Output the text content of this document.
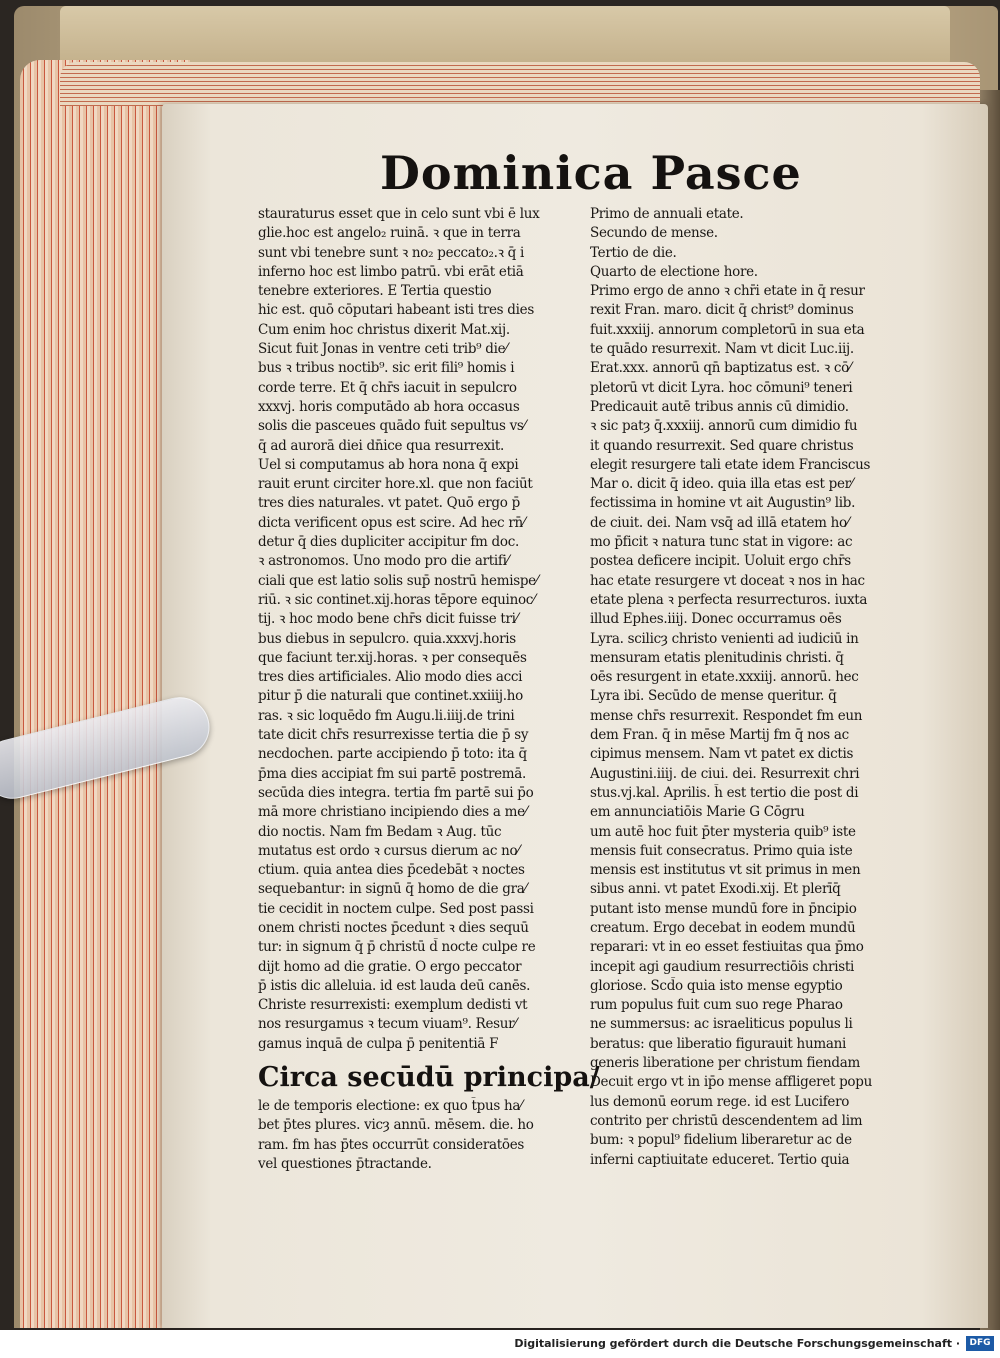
Dominica Pasce
stauraturus esset que in celo sunt vbi ē lux
glie.hoc est angelo₂ ruinā. ꝛ que in terra
sunt vbi tenebre sunt ꝛ no₂ peccato₂.ꝛ q̄ i
inferno hoc est limbo patrū. vbi erāt etiā
tenebre exteriores. E Tertia questio
hic est. quō cōputari habeant isti tres dies
Cum enim hoc christus dixerit Mat.xij.
Sicut fuit Jonas in ventre ceti trib⁹ die⁄
bus ꝛ tribus noctib⁹. sic erit fili⁹ homis i
corde terre. Et q̄ chr̄s iacuit in sepulcro
xxxvj. horis computādo ab hora occasus
solis die pasceues quādo fuit sepultus vs⁄
q̄ ad aurorā diei dn̄ice qua resurrexit.
Uel si computamus ab hora nona q̄ expi
rauit erunt circiter hore.xl. que non faciūt
tres dies naturales. vt patet. Quō ergo p̄
dicta verificent opus est scire. Ad hec rn̄⁄
detur q̄ dies dupliciter accipitur fm doc.
ꝛ astronomos. Uno modo pro die artifi⁄
ciali que est latio solis sup̄ nostrū hemispe⁄
riū. ꝛ sic continet.xij.horas tēpore equinoc⁄
tij. ꝛ hoc modo bene chr̄s dicit fuisse tri⁄
bus diebus in sepulcro. quia.xxxvj.horis
que faciunt ter.xij.horas. ꝛ per consequēs
tres dies artificiales. Alio modo dies acci
pitur p̄ die naturali que continet.xxiiij.ho
ras. ꝛ sic loquēdo fm Augu.li.iiij.de trini
tate dicit chr̄s resurrexisse tertia die p̄ sy
necdochen. parte accipiendo p̄ toto: ita q̄
p̄ma dies accipiat fm sui partē postremā.
secūda dies integra. tertia fm partē sui p̄o
mā more christiano incipiendo dies a me⁄
dio noctis. Nam fm Bedam ꝛ Aug. tūc
mutatus est ordo ꝛ cursus dierum ac no⁄
ctium. quia antea dies p̄cedebāt ꝛ noctes
sequebantur: in signū q̄ homo de die gra⁄
tie cecidit in noctem culpe. Sed post passi
onem christi noctes p̄cedunt ꝛ dies sequū
tur: in signum q̄ p̄ christū d̄ nocte culpe re
dijt homo ad die gratie. O ergo peccator
p̄ istis dic alleluia. id est lauda deū canēs.
Christe resurrexisti: exemplum dedisti vt
nos resurgamus ꝛ tecum viuam⁹. Resur⁄
gamus inquā de culpa p̄ penitentiā F
Circa secūdū principa/
le de temporis electione: ex quo t̄pus ha⁄
bet p̄tes plures. vicȝ annū. mēsem. die. ho
ram. fm has p̄tes occurrūt consideratōes
vel questiones p̄tractande.
Primo de annuali etate.
Secundo de mense.
Tertio de die.
Quarto de electione hore.
Primo ergo de anno ꝛ chr̄i etate in q̄ resur
rexit Fran. maro. dicit q̄ christ⁹ dominus
fuit.xxxiij. annorum completorū in sua eta
te quādo resurrexit. Nam vt dicit Luc.iij.
Erat.xxx. annorū qn̄ baptizatus est. ꝛ cō⁄
pletorū vt dicit Lyra. hoc cōmuni⁹ teneri
Predicauit autē tribus annis cū dimidio.
ꝛ sic patȝ q̄.xxxiij. annorū cum dimidio fu
it quando resurrexit. Sed quare christus
elegit resurgere tali etate idem Franciscus
Mar o. dicit q̄ ideo. quia illa etas est per⁄
fectissima in homine vt ait Augustin⁹ lib.
de ciuit. dei. Nam vsq̄ ad illā etatem ho⁄
mo p̄ficit ꝛ natura tunc stat in vigore: ac
postea deficere incipit. Uoluit ergo chr̄s
hac etate resurgere vt doceat ꝛ nos in hac
etate plena ꝛ perfecta resurrecturos. iuxta
illud Ephes.iiij. Donec occurramus oēs
Lyra. scilicȝ christo venienti ad iudiciū in
mensuram etatis plenitudinis christi. q̄
oēs resurgent in etate.xxxiij. annorū. hec
Lyra ibi. Secūdo de mense queritur. q̄
mense chr̄s resurrexit. Respondet fm eun
dem Fran. q̄ in mēse Martij fm q̄ nos ac
cipimus mensem. Nam vt patet ex dictis
Augustini.iiij. de ciui. dei. Resurrexit chri
stus.vj.kal. Aprilis. h̄ est tertio die post di
em annunciatiōis Marie G Cōgru
um autē hoc fuit p̄ter mysteria quib⁹ iste
mensis fuit consecratus. Primo quia iste
mensis est institutus vt sit primus in men
sibus anni. vt patet Exodi.xij. Et plerīq̄
putant isto mense mundū fore in p̄ncipio
creatum. Ergo decebat in eodem mundū
reparari: vt in eo esset festiuitas qua p̄mo
incepit agi gaudium resurrectiōis christi
gloriose. Scd̄o quia isto mense egyptio
rum populus fuit cum suo rege Pharao
ne summersus: ac israeliticus populus li
beratus: que liberatio figurauit humani
generis liberatione per christum fiendam
Decuit ergo vt in ip̄o mense affligeret popu
lus demonū eorum rege. id est Lucifero
contrito per christū descendentem ad lim
bum: ꝛ popul⁹ fidelium liberaretur ac de
inferni captiuitate educeret. Tertio quia
Digitalisierung gefördert durch die Deutsche Forschungsgemeinschaft ·	DFG
